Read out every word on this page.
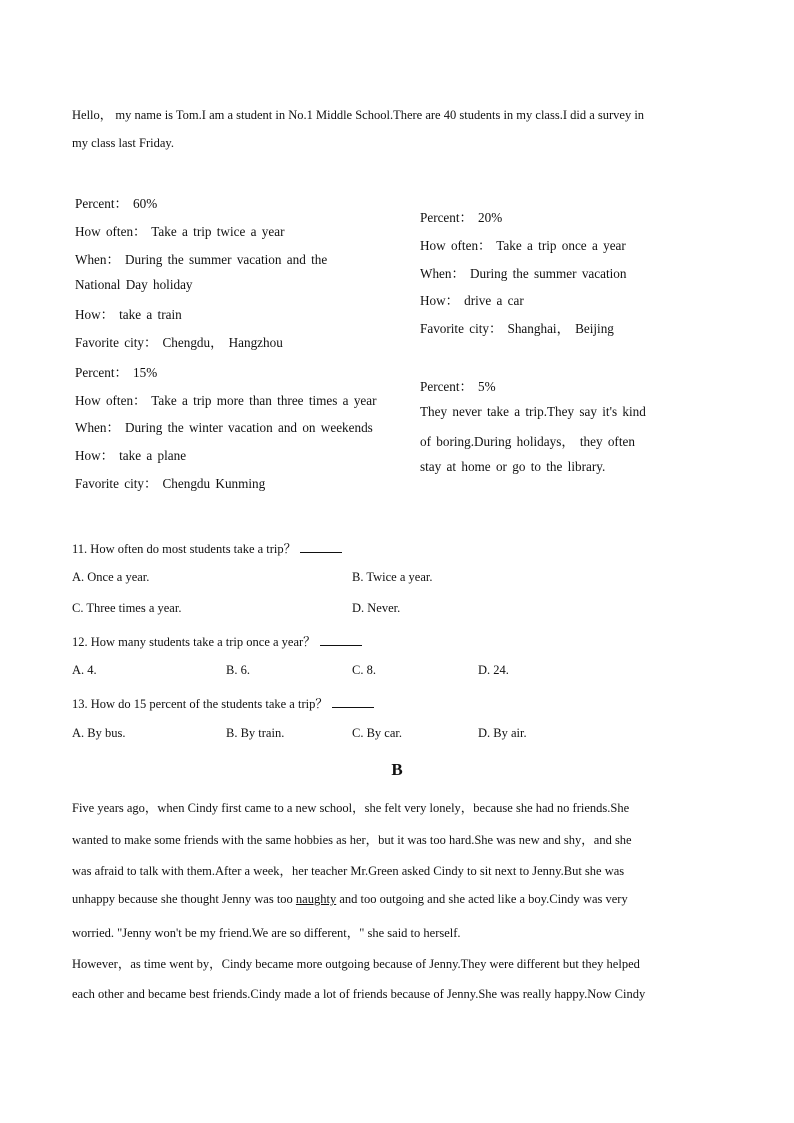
Hello， my name is Tom.I am a student in No.1 Middle School.There are 40 students in my class.I did a survey in
my class last Friday.
Percent： 60%
How often： Take a trip twice a year
When： During the summer vacation and the
National Day holiday
How： take a train
Favorite city： Chengdu， Hangzhou
Percent： 20%
How often： Take a trip once a year
When： During the summer vacation
How： drive a car
Favorite city： Shanghai， Beijing
Percent： 15%
How often： Take a trip more than three times a year
When： During the winter vacation and on weekends
How： take a plane
Favorite city： Chengdu Kunming
Percent： 5%
They never take a trip.They say it's kind
of boring.During holidays， they often
stay at home or go to the library.
11. How often do most students take a trip？
A. Once a year.	B. Twice a year.
C. Three times a year.	D. Never.
12. How many students take a trip once a year？
A. 4.	B. 6.	C. 8.	D. 24.
13. How do 15 percent of the students take a trip？
A. By bus.	B. By train.	C. By car.	D. By air.
B
Five years ago，when Cindy first came to a new school，she felt very lonely，because she had no friends.She
wanted to make some friends with the same hobbies as her，but it was too hard.She was new and shy，and she
was afraid to talk with them.After a week，her teacher Mr.Green asked Cindy to sit next to Jenny.But she was
unhappy because she thought Jenny was too naughty and too outgoing and she acted like a boy.Cindy was very
worried. "Jenny won't be my friend.We are so different，" she said to herself.
However，as time went by，Cindy became more outgoing because of Jenny.They were different but they helped
each other and became best friends.Cindy made a lot of friends because of Jenny.She was really happy.Now Cindy
